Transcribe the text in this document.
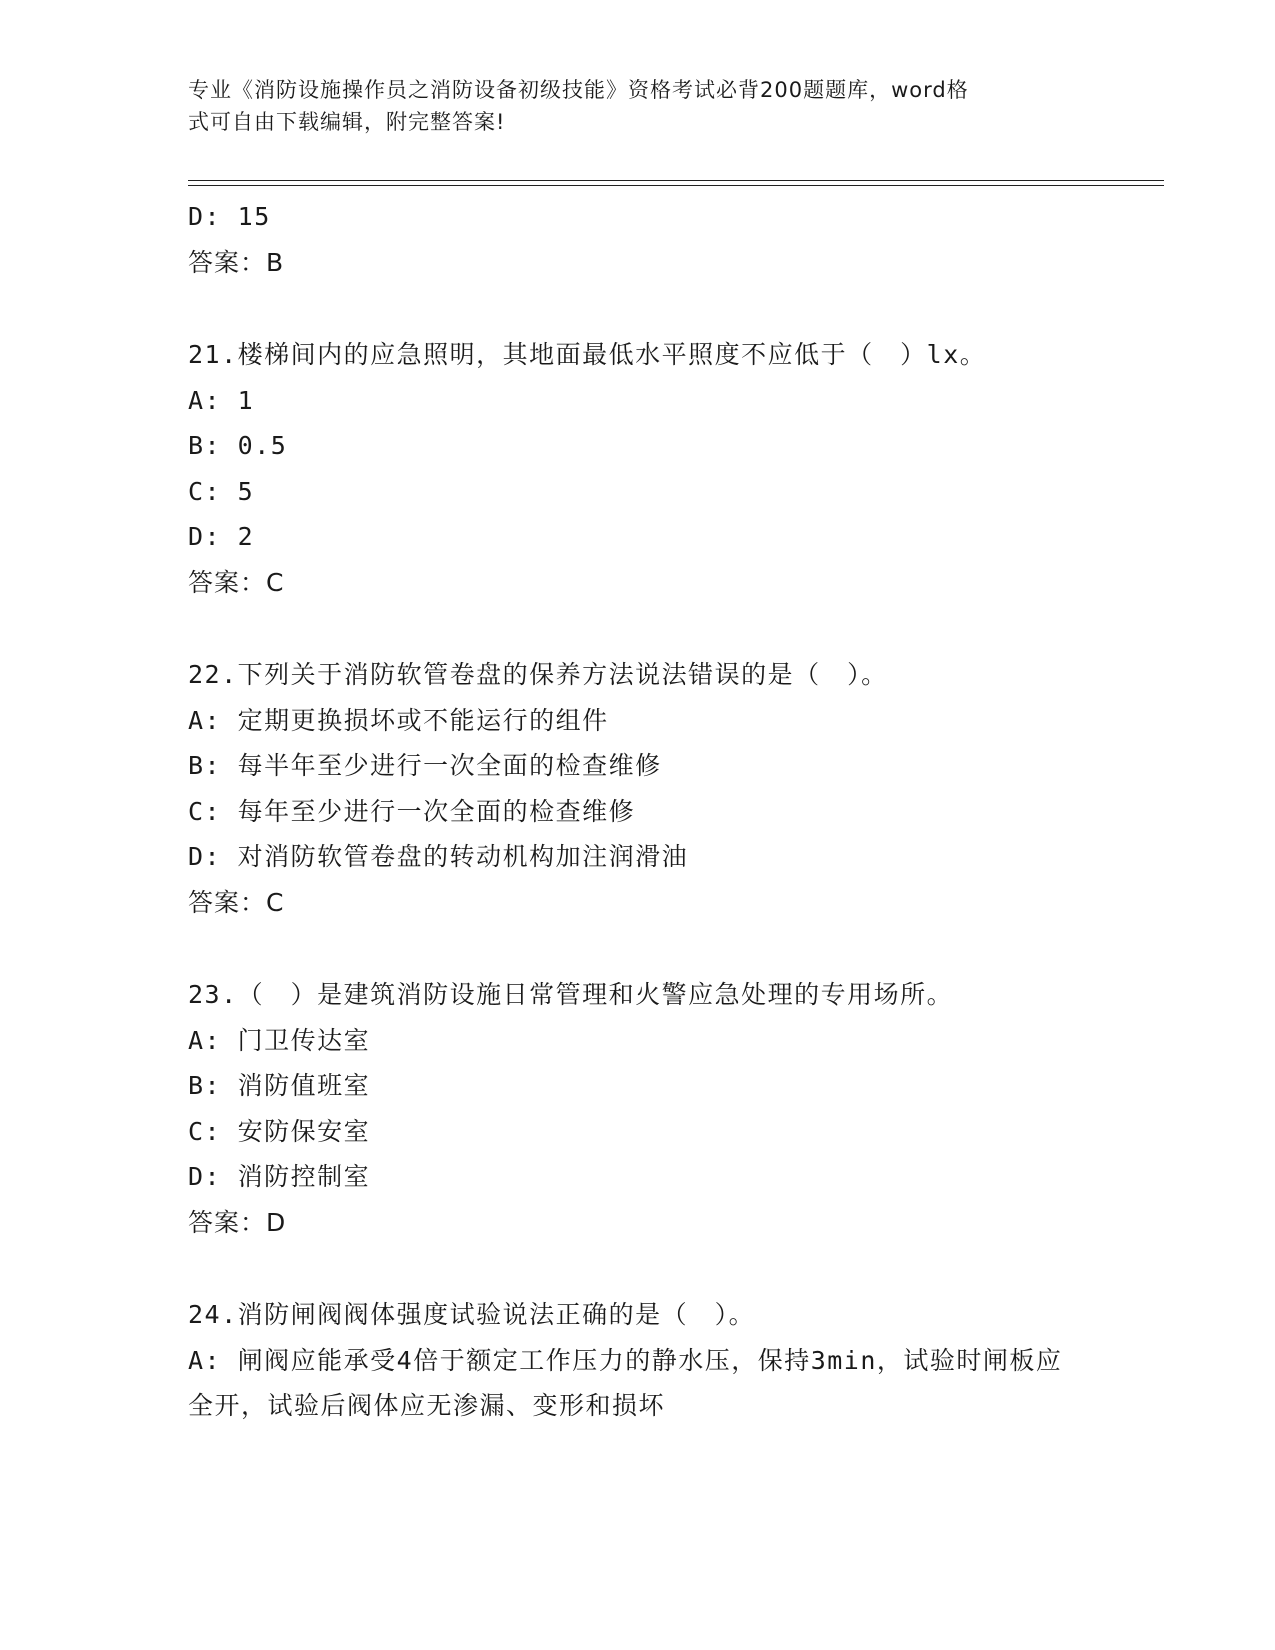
专业《消防设施操作员之消防设备初级技能》资格考试必背200题题库，word格
式可自由下载编辑，附完整答案!
D: 15
答案：B
21.楼梯间内的应急照明，其地面最低水平照度不应低于（　）lx。
A: 1
B: 0.5
C: 5
D: 2
答案：C
22.下列关于消防软管卷盘的保养方法说法错误的是（　）。
A: 定期更换损坏或不能运行的组件
B: 每半年至少进行一次全面的检查维修
C: 每年至少进行一次全面的检查维修
D: 对消防软管卷盘的转动机构加注润滑油
答案：C
23.（　）是建筑消防设施日常管理和火警应急处理的专用场所。
A: 门卫传达室
B: 消防值班室
C: 安防保安室
D: 消防控制室
答案：D
24.消防闸阀阀体强度试验说法正确的是（　）。
A: 闸阀应能承受4倍于额定工作压力的静水压，保持3min，试验时闸板应全开，试验后阀体应无渗漏、变形和损坏
